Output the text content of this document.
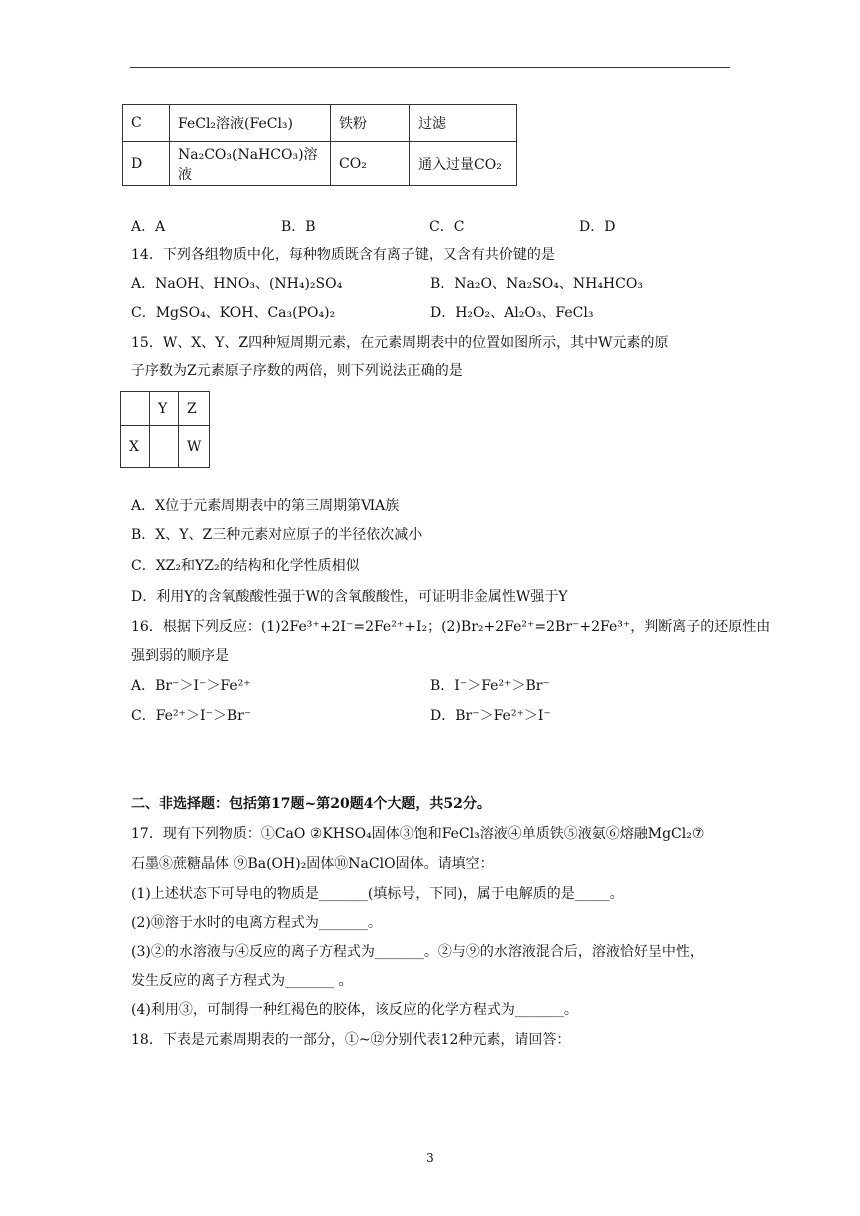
C	FeCl₂溶液(FeCl₃)	铁粉	过滤
D	Na₂CO₃(NaHCO₃)溶液	CO₂	通入过量CO₂
A．A	B．B	C．C	D．D
14．下列各组物质中化，每种物质既含有离子键，又含有共价键的是
A．NaOH、HNO₃、(NH₄)₂SO₄	B．Na₂O、Na₂SO₄、NH₄HCO₃
C．MgSO₄、KOH、Ca₃(PO₄)₂	D．H₂O₂、Al₂O₃、FeCl₃
15．W、X、Y、Z四种短周期元素，在元素周期表中的位置如图所示，其中W元素的原
子序数为Z元素原子序数的两倍，则下列说法正确的是
	Y	Z
X		W
A．X位于元素周期表中的第三周期第ⅥA族
B．X、Y、Z三种元素对应原子的半径依次减小
C．XZ₂和YZ₂的结构和化学性质相似
D．利用Y的含氧酸酸性强于W的含氧酸酸性，可证明非金属性W强于Y
16．根据下列反应：(1)2Fe³⁺+2I⁻=2Fe²⁺+I₂；(2)Br₂+2Fe²⁺=2Br⁻+2Fe³⁺，判断离子的还原性由
强到弱的顺序是
A．Br⁻＞I⁻＞Fe²⁺	B．I⁻＞Fe²⁺＞Br⁻
C．Fe²⁺＞I⁻＞Br⁻	D．Br⁻＞Fe²⁺＞I⁻
二、非选择题：包括第17题~第20题4个大题，共52分。
17．现有下列物质：①CaO ②KHSO₄固体③饱和FeCl₃溶液④单质铁⑤液氨⑥熔融MgCl₂⑦
石墨⑧蔗糖晶体 ⑨Ba(OH)₂固体⑩NaClO固体。请填空：
(1)上述状态下可导电的物质是_______(填标号，下同)，属于电解质的是_____。
(2)⑩溶于水时的电离方程式为_______。
(3)②的水溶液与④反应的离子方程式为_______。②与⑨的水溶液混合后，溶液恰好呈中性，
发生反应的离子方程式为_______ 。
(4)利用③，可制得一种红褐色的胶体，该反应的化学方程式为_______。
18．下表是元素周期表的一部分，①~⑫分别代表12种元素，请回答：
3
